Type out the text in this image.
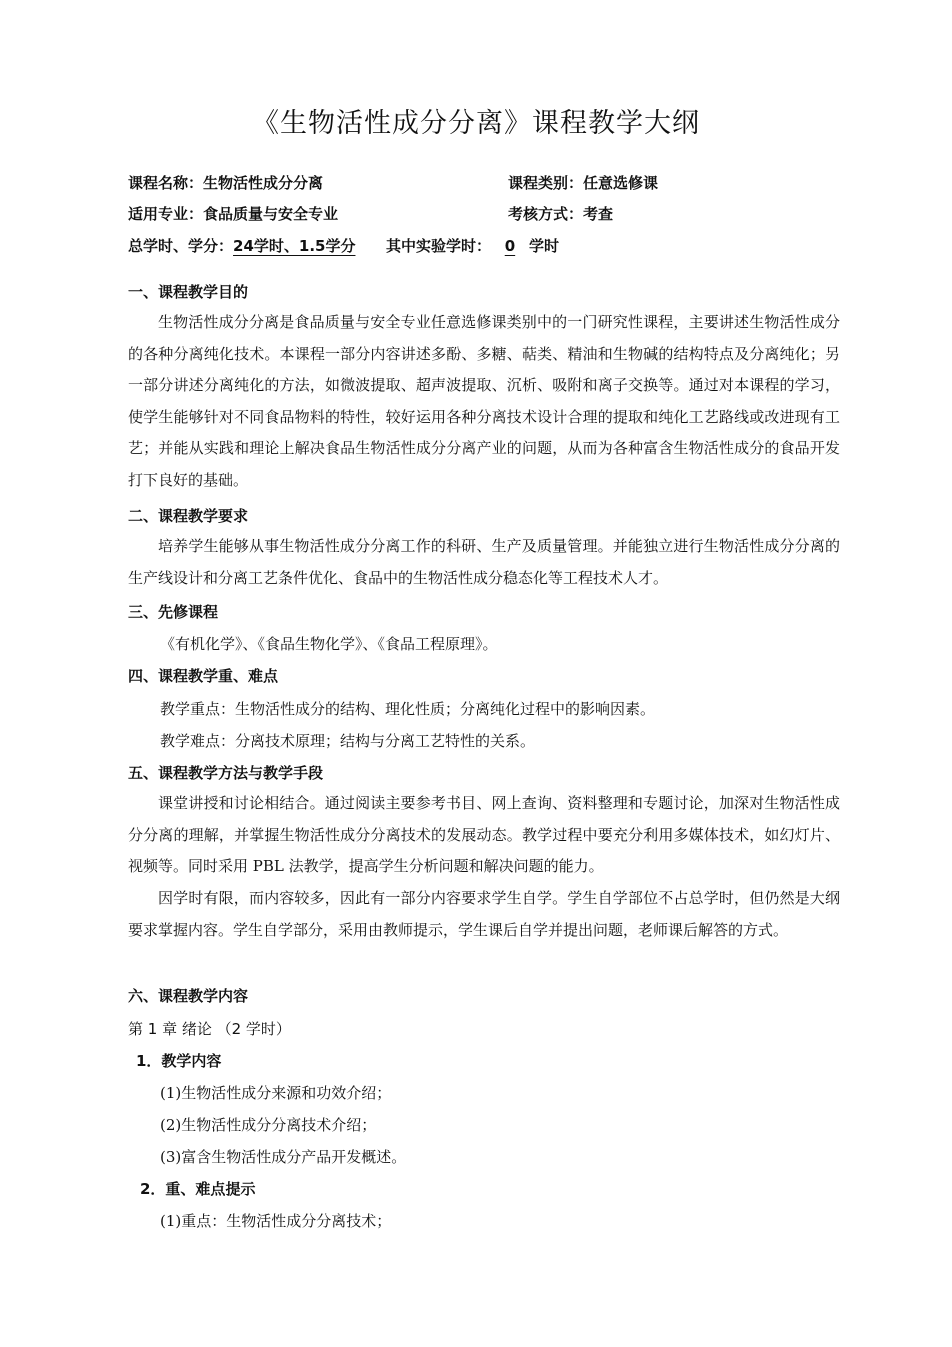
《生物活性成分分离》课程教学大纲
课程名称：生物活性成分分离	课程类别：任意选修课
适用专业：食品质量与安全专业	考核方式：考查
总学时、学分：24学时、1.5学分 其中实验学时： 0 学时
一、课程教学目的

生物活性成分分离是食品质量与安全专业任意选修课类别中的一门研究性课程，主要讲述生物活性成分的各种分离纯化技术。本课程一部分内容讲述多酚、多糖、萜类、精油和生物碱的结构特点及分离纯化；另一部分讲述分离纯化的方法，如微波提取、超声波提取、沉析、吸附和离子交换等。通过对本课程的学习，使学生能够针对不同食品物料的特性，较好运用各种分离技术设计合理的提取和纯化工艺路线或改进现有工艺；并能从实践和理论上解决食品生物活性成分分离产业的问题，从而为各种富含生物活性成分的食品开发打下良好的基础。

二、课程教学要求

培养学生能够从事生物活性成分分离工作的科研、生产及质量管理。并能独立进行生物活性成分分离的生产线设计和分离工艺条件优化、食品中的生物活性成分稳态化等工程技术人才。

三、先修课程
《有机化学》、《食品生物化学》、《食品工程原理》。
四、课程教学重、难点
教学重点：生物活性成分的结构、理化性质；分离纯化过程中的影响因素。
教学难点：分离技术原理；结构与分离工艺特性的关系。
五、课程教学方法与教学手段

课堂讲授和讨论相结合。通过阅读主要参考书目、网上查询、资料整理和专题讨论，加深对生物活性成分分离的理解，并掌握生物活性成分分离技术的发展动态。教学过程中要充分利用多媒体技术，如幻灯片、视频等。同时采用 PBL 法教学，提高学生分析问题和解决问题的能力。

因学时有限，而内容较多，因此有一部分内容要求学生自学。学生自学部位不占总学时，但仍然是大纲要求掌握内容。学生自学部分，采用由教师提示，学生课后自学并提出问题，老师课后解答的方式。

六、课程教学内容
第 1 章 绪论 （2 学时）
1．教学内容
(1)生物活性成分来源和功效介绍；
(2)生物活性成分分离技术介绍；
(3)富含生物活性成分产品开发概述。
2．重、难点提示
(1)重点：生物活性成分分离技术；
